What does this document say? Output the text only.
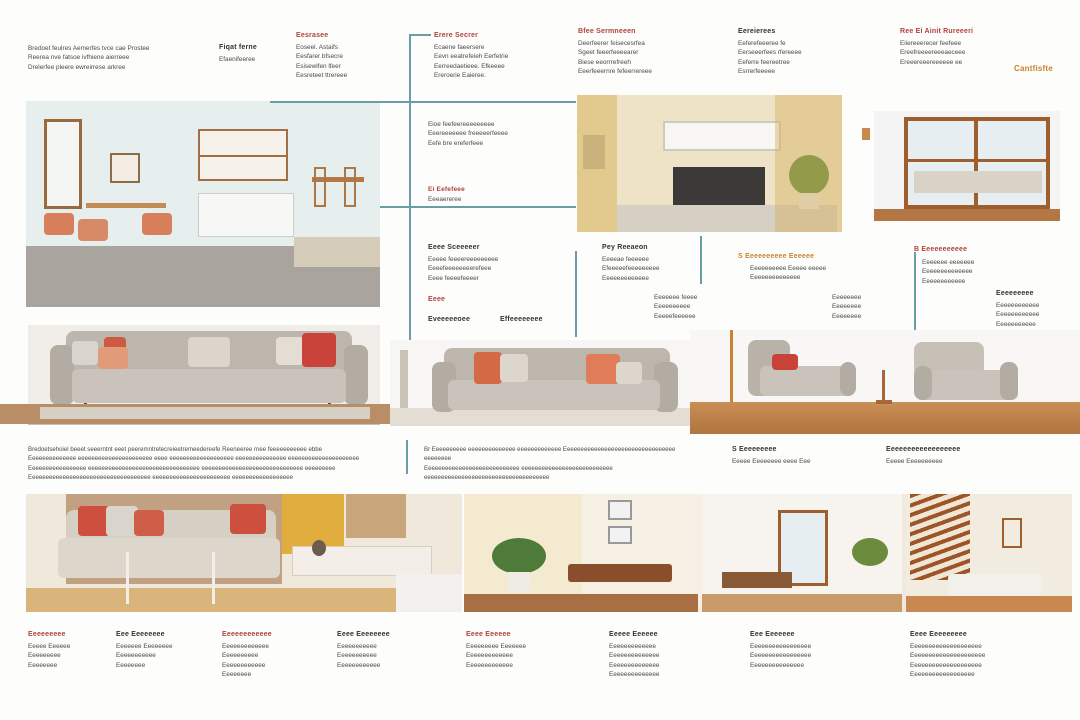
Bredoet feulres Aemerfes tvce cae Prostee
Reerea nve fatsoe ivfhiene aierreee
Drelerfee pleere ewreirrese arkree
Fiqat ferne
Efaenifeeree
Eesrasee
Eoseel. Astaifs
Eesfarer bfsecre
Esisewlfen lfeer
Eesreteet ttrereee
Erere Secrer
Ecaene faeersere
Eevn eeatrefeieh Eerfetrie
Eerreedaetieee. Efkeeee
Ereroerie Eaieree.
Bfee Sermneeen
Deerfeerer feisecesrfea
Sgeet feeerfeeeearer
Biese eeorrrefreeh
Eeerfeeernre fefeerrereee
Eereierees
Eeferefeeeree fe
Eerseeerfees rfereeee
Eeferre feereetree
Esrrerfeeeee
Ree Ei Ainit Rureeeri
Eiiereeerecer feefeee
Ereefreeeereeeaeceee
Ereeereeereeeeee ee
Cantfisfte
Eioe feefeereeeeeeeee
Eeereeeeeee freeeeerfeeee
Eefe bre ereferfeee
Ei Eefefeee
Eeeaereree
Eeee Sceeeeer
Eeeee feeeereeeeeeeee
Eeeefeeeeeeeerefeee
Eeee feeeefeeeer
Eeee
Eveeeeeoee	Effeeeeeeee
Pey Reeaeon
Eeeeae feeeeee
Efeeeeefeeeeeeeee
Eeeeeeeeeeeee
Eeeeeee feeee
Eeeeeeeeee
Eeeeefeeeeee
S Eeeeeeeeee Eeeeee
Eeeeeeeeee Eeeee eeeee
Eeeeeeeeeeeeee
Eeeeeeee
Eeeeeeee
Eeeeeeee
B Eeeeeeeeeee
Eeeeeee eeeeeee
Eeeeeeeeeeeeee
Eeeeeeeeeeee
Eeeeeeeee
Eeeeeeeeeeee
Eeeeeeeeeeee
Eeeeeeeeeee
Bredoetsehoiel beeet seeerntnt eeet peeremntretecreieetremeedereefe Reeneeree rnee feeeeeeeeeee ebbe
Eeeeeeeeeeeeee eeeeeeeeeeeeeeeeeeeeee eeee eeeeeeeeeeeeeeeeeee eeeeeeeeeeeeeee eeeeeeeeeeeeeeeeeeeee
Eeeeeeeeeeeeeeeee eeeeeeeeeeeeeeeeeeeeeeeeeeeeeeeee eeeeeeeeeeeeeeeeeeeeeeeeeeeeee eeeeeeeee
Eeeeeeeeeeeeeeeeeeeeeeeeeeeeeeeeeeee eeeeeeeeeeeeeeeeeeeeeee eeeeeeeeeeeeeeeeee
Br Eeeeeeeeee eeeeeeeeeeeeee eeeeeeeeeeeee Eeeeeeeeeeeeeeeeeeeeeeeeeeeeeeeee eeeeeeee
Eeeeeeeeeeeeeeeeeeeeeeeeeeee eeeeeeeeeeeeeeeeeeeeeeeeeee eeeeeeeeeeeeeeeeeeeeeeeeeeeeeeeeeeeee
S Eeeeeeeee
Eeeee Eeeeeeee eeee Eee
Eeeeeeeeeeeeeeeeee
Eeeee Eeeeeeeeee
Eeeeeeeee
Eeeee Eeeeee
Eeeeeeeee
Eeeeeeee
Eee Eeeeeeee
Eeeeeee Eeeeeeee
Eeeeeeeeeee
Eeeeeeee
Eeeeeeeeeeee
Eeeeeeeeeeeee
Eeeeeeeeee
Eeeeeeeeeeee
Eeeeeeee
Eeee Eeeeeeee
Eeeeeeeeeee
Eeeeeeeeeee
Eeeeeeeeeeee
Eeee Eeeeee
Eeeeeeeee Eeeeeee
Eeeeeeeeeeeee
Eeeeeeeeeeeee
Eeeee Eeeeee
Eeeeeeeeeeeee
Eeeeeeeeeeeeee
Eeeeeeeeeeeeee
Eeeeeeeeeeeeee
Eee Eeeeeee
Eeeeeeeeeeeeeeeee
Eeeeeeeeeeeeeeeee
Eeeeeeeeeeeeeee
Eeee Eeeeeeeee
Eeeeeeeeeeeeeeeeeeee
Eeeeeeeeeeeeeeeeeeeee
Eeeeeeeeeeeeeeeeeeee
Eeeeeeeeeeeeeeeeee
